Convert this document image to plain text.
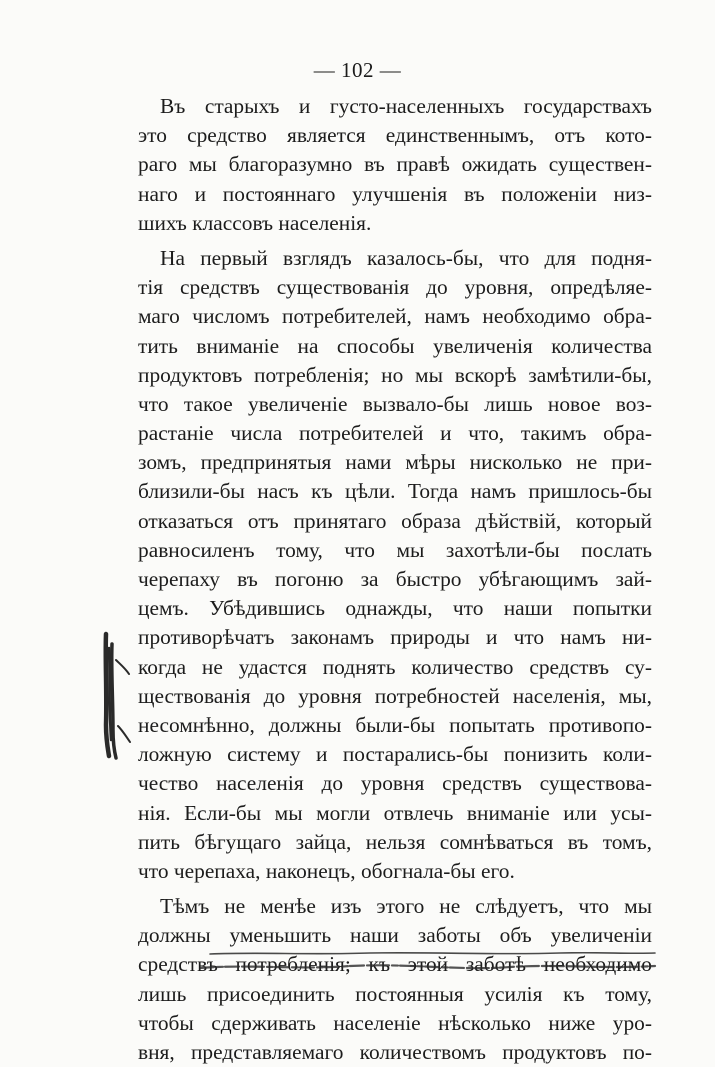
— 102 —
Въ старыхъ и густо-населенныхъ государствахъ
это средство является единственнымъ, отъ кото-
раго мы благоразумно въ правѣ ожидать существен-
наго и постояннаго улучшенія въ положеніи низ-
шихъ классовъ населенія.
На первый взглядъ казалось-бы, что для подня-
тія средствъ существованія до уровня, опредѣляе-
маго числомъ потребителей, намъ необходимо обра-
тить вниманіе на способы увеличенія количества
продуктовъ потребленія; но мы вскорѣ замѣтили-бы,
что такое увеличеніе вызвало-бы лишь новое воз-
растаніе числа потребителей и что, такимъ обра-
зомъ, предпринятыя нами мѣры нисколько не при-
близили-бы насъ къ цѣли. Тогда намъ пришлось-бы
отказаться отъ принятаго образа дѣйствій, который
равносиленъ тому, что мы захотѣли-бы послать
черепаху въ погоню за быстро убѣгающимъ зай-
цемъ. Убѣдившись однажды, что наши попытки
противорѣчатъ законамъ природы и что намъ ни-
когда не удастся поднять количество средствъ су-
ществованія до уровня потребностей населенія, мы,
несомнѣнно, должны были-бы попытать противопо-
ложную систему и постарались-бы понизить коли-
чество населенія до уровня средствъ существова-
нія. Если-бы мы могли отвлечь вниманіе или усы-
пить бѣгущаго зайца, нельзя сомнѣваться въ томъ,
что черепаха, наконецъ, обогнала-бы его.
Тѣмъ не менѣе изъ этого не слѣдуетъ, что мы
должны уменьшить наши заботы объ увеличеніи
средствъ потребленія; къ этой заботѣ необходимо
лишь присоединить постоянныя усилія къ тому,
чтобы сдерживать населеніе нѣсколько ниже уро-
вня, представляемаго количествомъ продуктовъ по-
